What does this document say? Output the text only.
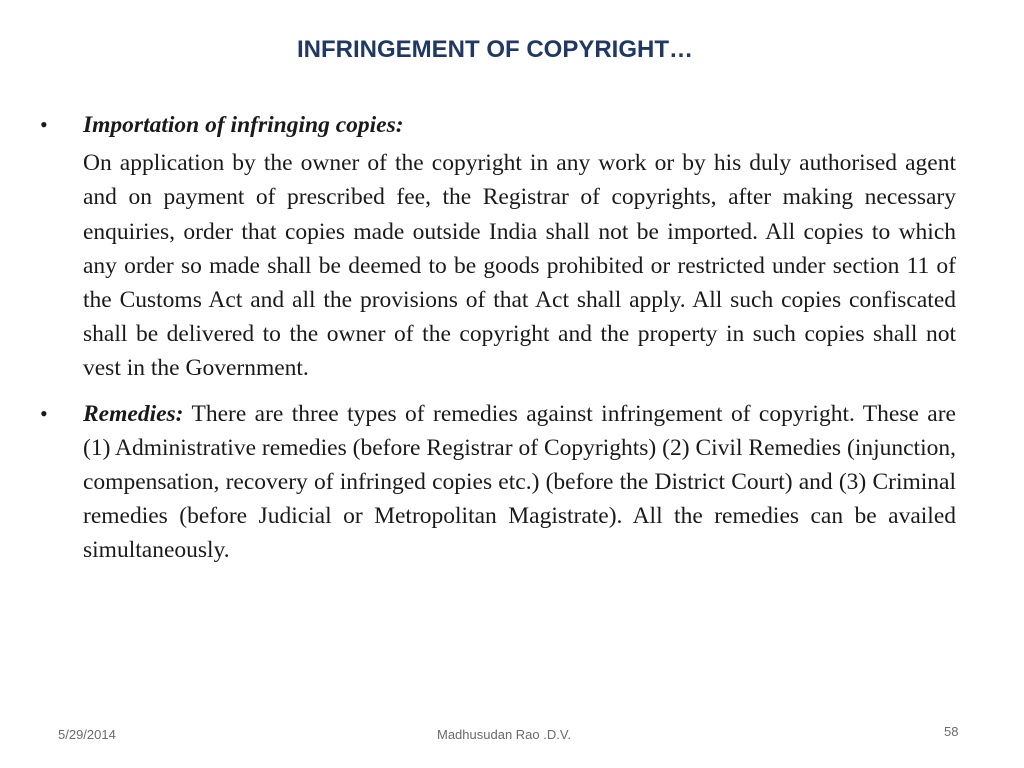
INFRINGEMENT OF COPYRIGHT…
•	Importation of infringing copies:
On application by the owner of the copyright in any work or by his duly authorised agent and on payment of prescribed fee, the Registrar of copyrights, after making necessary enquiries, order that copies made outside India shall not be imported. All copies to which any order so made shall be deemed to be goods prohibited or restricted under section 11 of the Customs Act and all the provisions of that Act shall apply. All such copies confiscated shall be delivered to the owner of the copyright and the property in such copies shall not vest in the Government.
•	Remedies: There are three types of remedies against infringement of copyright. These are (1) Administrative remedies (before Registrar of Copyrights) (2) Civil Remedies (injunction, compensation, recovery of infringed copies etc.) (before the District Court) and (3) Criminal remedies (before Judicial or Metropolitan Magistrate). All the remedies can be availed simultaneously.
5/29/2014	Madhusudan Rao .D.V.	58
